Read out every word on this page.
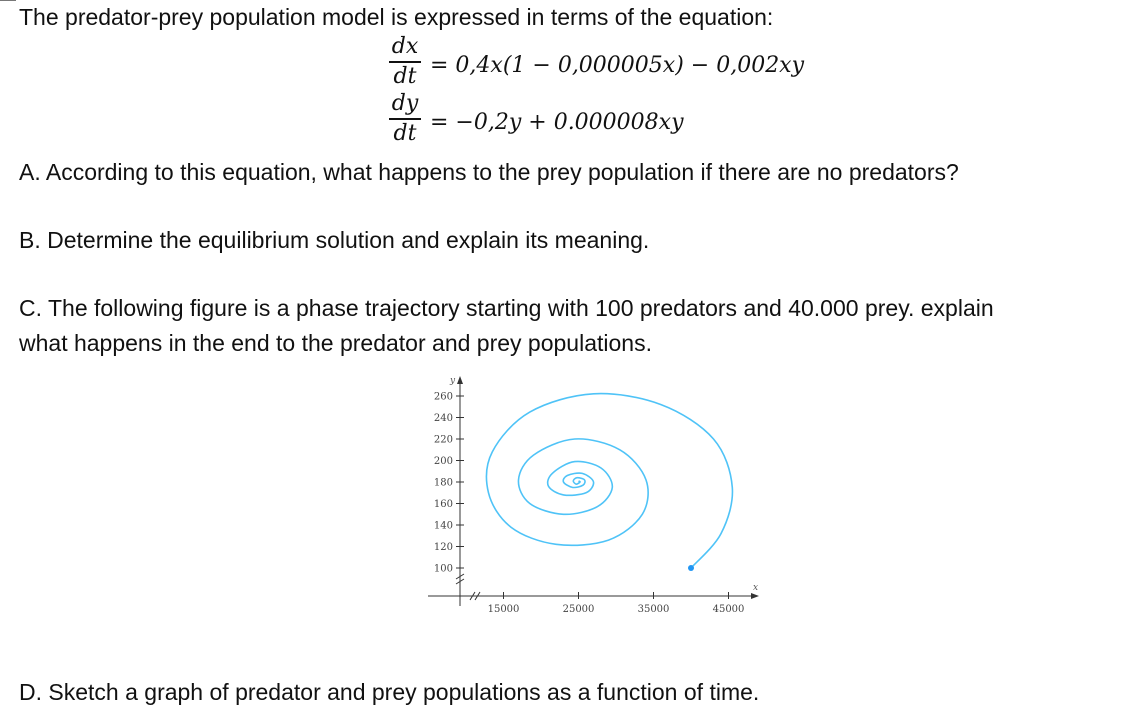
The predator-prey population model is expressed in terms of the equation:
dx
dt = 0,4x(1 − 0,000005x) − 0,002xy
dy
dt = −0,2y + 0.000008xy
A. According to this equation, what happens to the prey population if there are no predators?
B. Determine the equilibrium solution and explain its meaning.
C. The following figure is a phase trajectory starting with 100 predators and 40.000 prey. explain
what happens in the end to the predator and prey populations.
y
x
100
120
140
160
180
200
220
240
260
15000	25000	35000	45000
D. Sketch a graph of predator and prey populations as a function of time.
